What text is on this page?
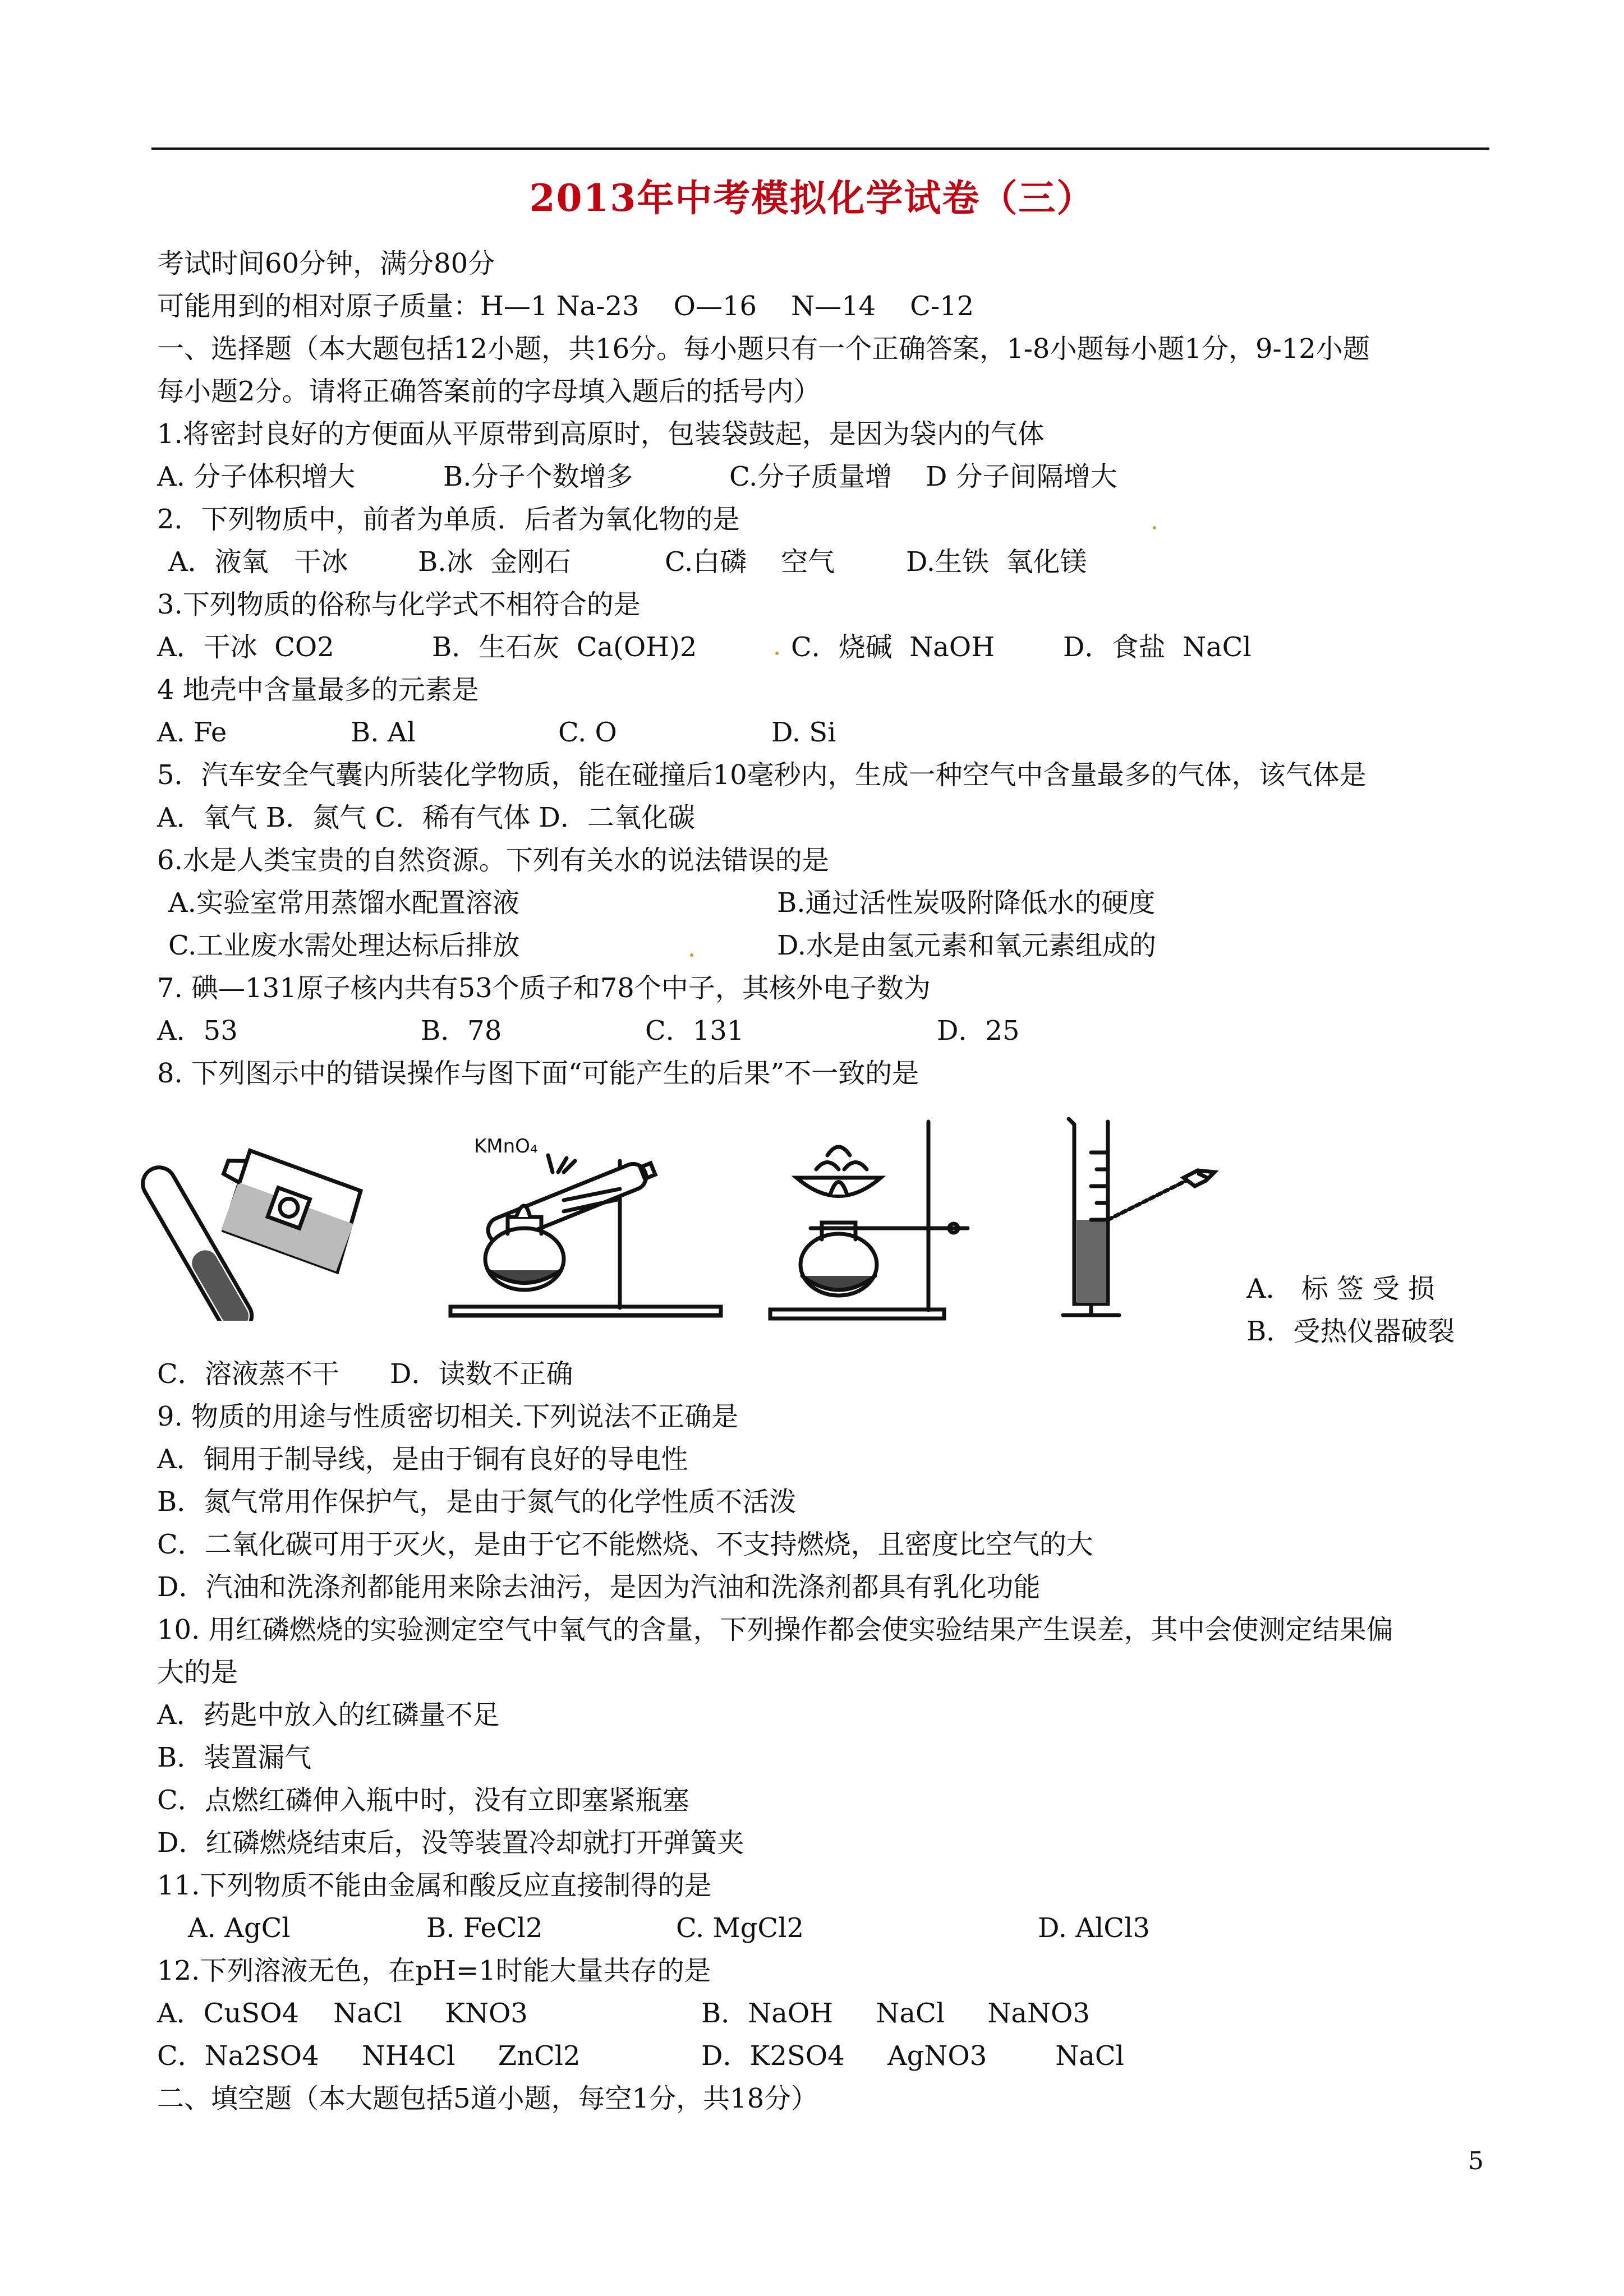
2013年中考模拟化学试卷（三）
考试时间60分钟，满分80分
可能用到的相对原子质量：H—1 Na-23    O—16    N—14    C-12
一、选择题（本大题包括12小题，共16分。每小题只有一个正确答案，1-8小题每小题1分，9-12小题
每小题2分。请将正确答案前的字母填入题后的括号内）
1.将密封良好的方便面从平原带到高原时，包装袋鼓起，是因为袋内的气体
A. 分子体积增大	B.分子个数增多	C.分子质量增 D 分子间隔增大
2．下列物质中，前者为单质．后者为氧化物的是
A．液氧   干冰	B.冰  金刚石	C.白磷    空气	D.生铁  氧化镁
3.下列物质的俗称与化学式不相符合的是
A．干冰  CO2	B．生石灰  Ca(OH)2	C．烧碱  NaOH	D．食盐  NaCl
4 地壳中含量最多的元素是
A. Fe	B. Al	C. O	D. Si
5．汽车安全气囊内所装化学物质，能在碰撞后10毫秒内，生成一种空气中含量最多的气体，该气体是
A．氧气 B．氮气 C．稀有气体 D．二氧化碳
6.水是人类宝贵的自然资源。下列有关水的说法错误的是
A.实验室常用蒸馏水配置溶液	B.通过活性炭吸附降低水的硬度
C.工业废水需处理达标后排放	D.水是由氢元素和氧元素组成的
7. 碘—131原子核内共有53个质子和78个中子，其核外电子数为
A．53	B．78	C．131	D．25
8. 下列图示中的错误操作与图下面“可能产生的后果”不一致的是
KMnO₄
A． 标 签 受 损
B．受热仪器破裂
C．溶液蒸不干 D．读数不正确
9. 物质的用途与性质密切相关.下列说法不正确是
A．铜用于制导线，是由于铜有良好的导电性
B．氮气常用作保护气，是由于氮气的化学性质不活泼
C．二氧化碳可用于灭火，是由于它不能燃烧、不支持燃烧，且密度比空气的大
D．汽油和洗涤剂都能用来除去油污，是因为汽油和洗涤剂都具有乳化功能
10. 用红磷燃烧的实验测定空气中氧气的含量，下列操作都会使实验结果产生误差，其中会使测定结果偏
大的是
A．药匙中放入的红磷量不足
B．装置漏气
C．点燃红磷伸入瓶中时，没有立即塞紧瓶塞
D．红磷燃烧结束后，没等装置冷却就打开弹簧夹
11.下列物质不能由金属和酸反应直接制得的是
A. AgCl	B. FeCl2	C. MgCl2	D. AlCl3
12.下列溶液无色，在pH=1时能大量共存的是
A．CuSO4    NaCl     KNO3	B．NaOH     NaCl     NaNO3
C．Na2SO4     NH4Cl     ZnCl2	D．K2SO4     AgNO3        NaCl
二、填空题（本大题包括5道小题，每空1分，共18分）
5
